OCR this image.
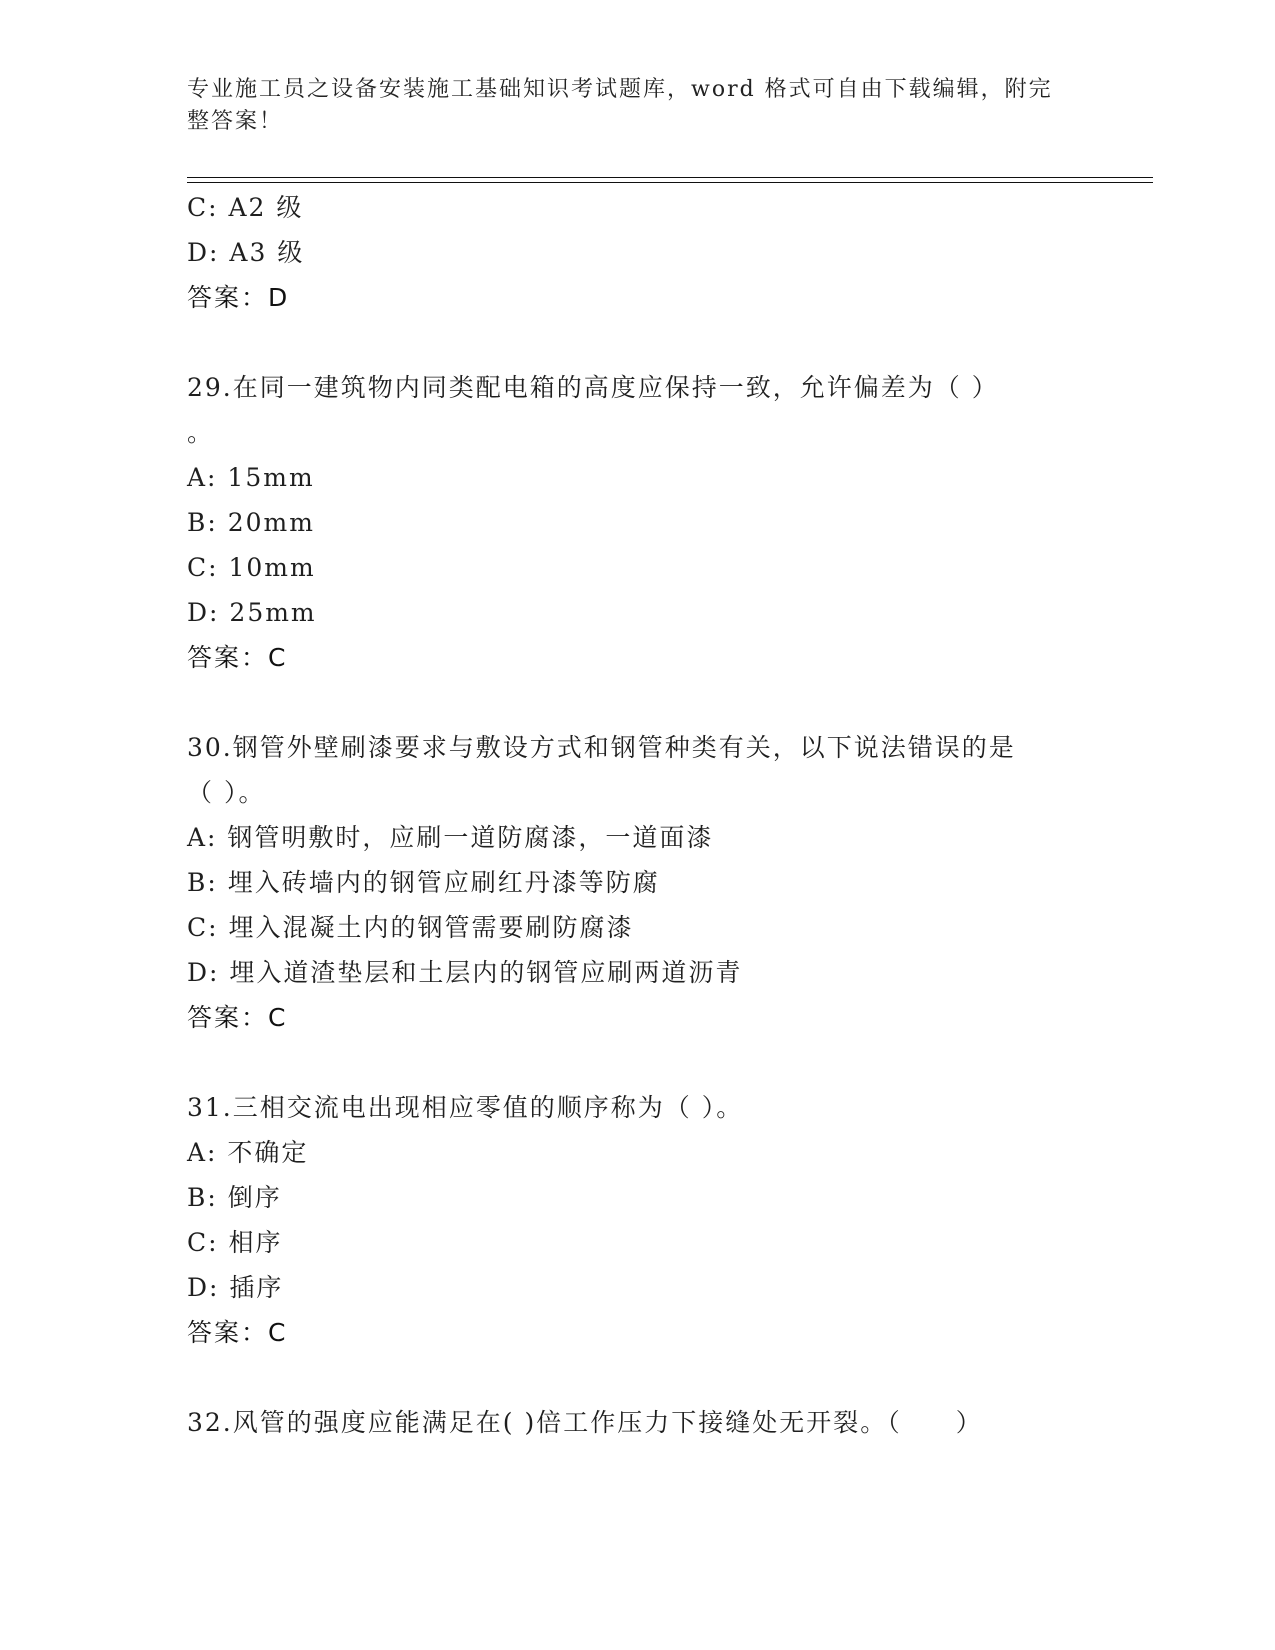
专业施工员之设备安装施工基础知识考试题库，word 格式可自由下载编辑，附完
整答案！
C: A2 级
D: A3 级
答案：D
29.在同一建筑物内同类配电箱的高度应保持一致，允许偏差为（ ）
。
A: 15mm
B: 20mm
C: 10mm
D: 25mm
答案：C
30.钢管外壁刷漆要求与敷设方式和钢管种类有关，以下说法错误的是
（ ）。
A: 钢管明敷时，应刷一道防腐漆，一道面漆
B: 埋入砖墙内的钢管应刷红丹漆等防腐
C: 埋入混凝土内的钢管需要刷防腐漆
D: 埋入道渣垫层和土层内的钢管应刷两道沥青
答案：C
31.三相交流电出现相应零值的顺序称为（ ）。
A: 不确定
B: 倒序
C: 相序
D: 插序
答案：C
32.风管的强度应能满足在( )倍工作压力下接缝处无开裂。（　　）
